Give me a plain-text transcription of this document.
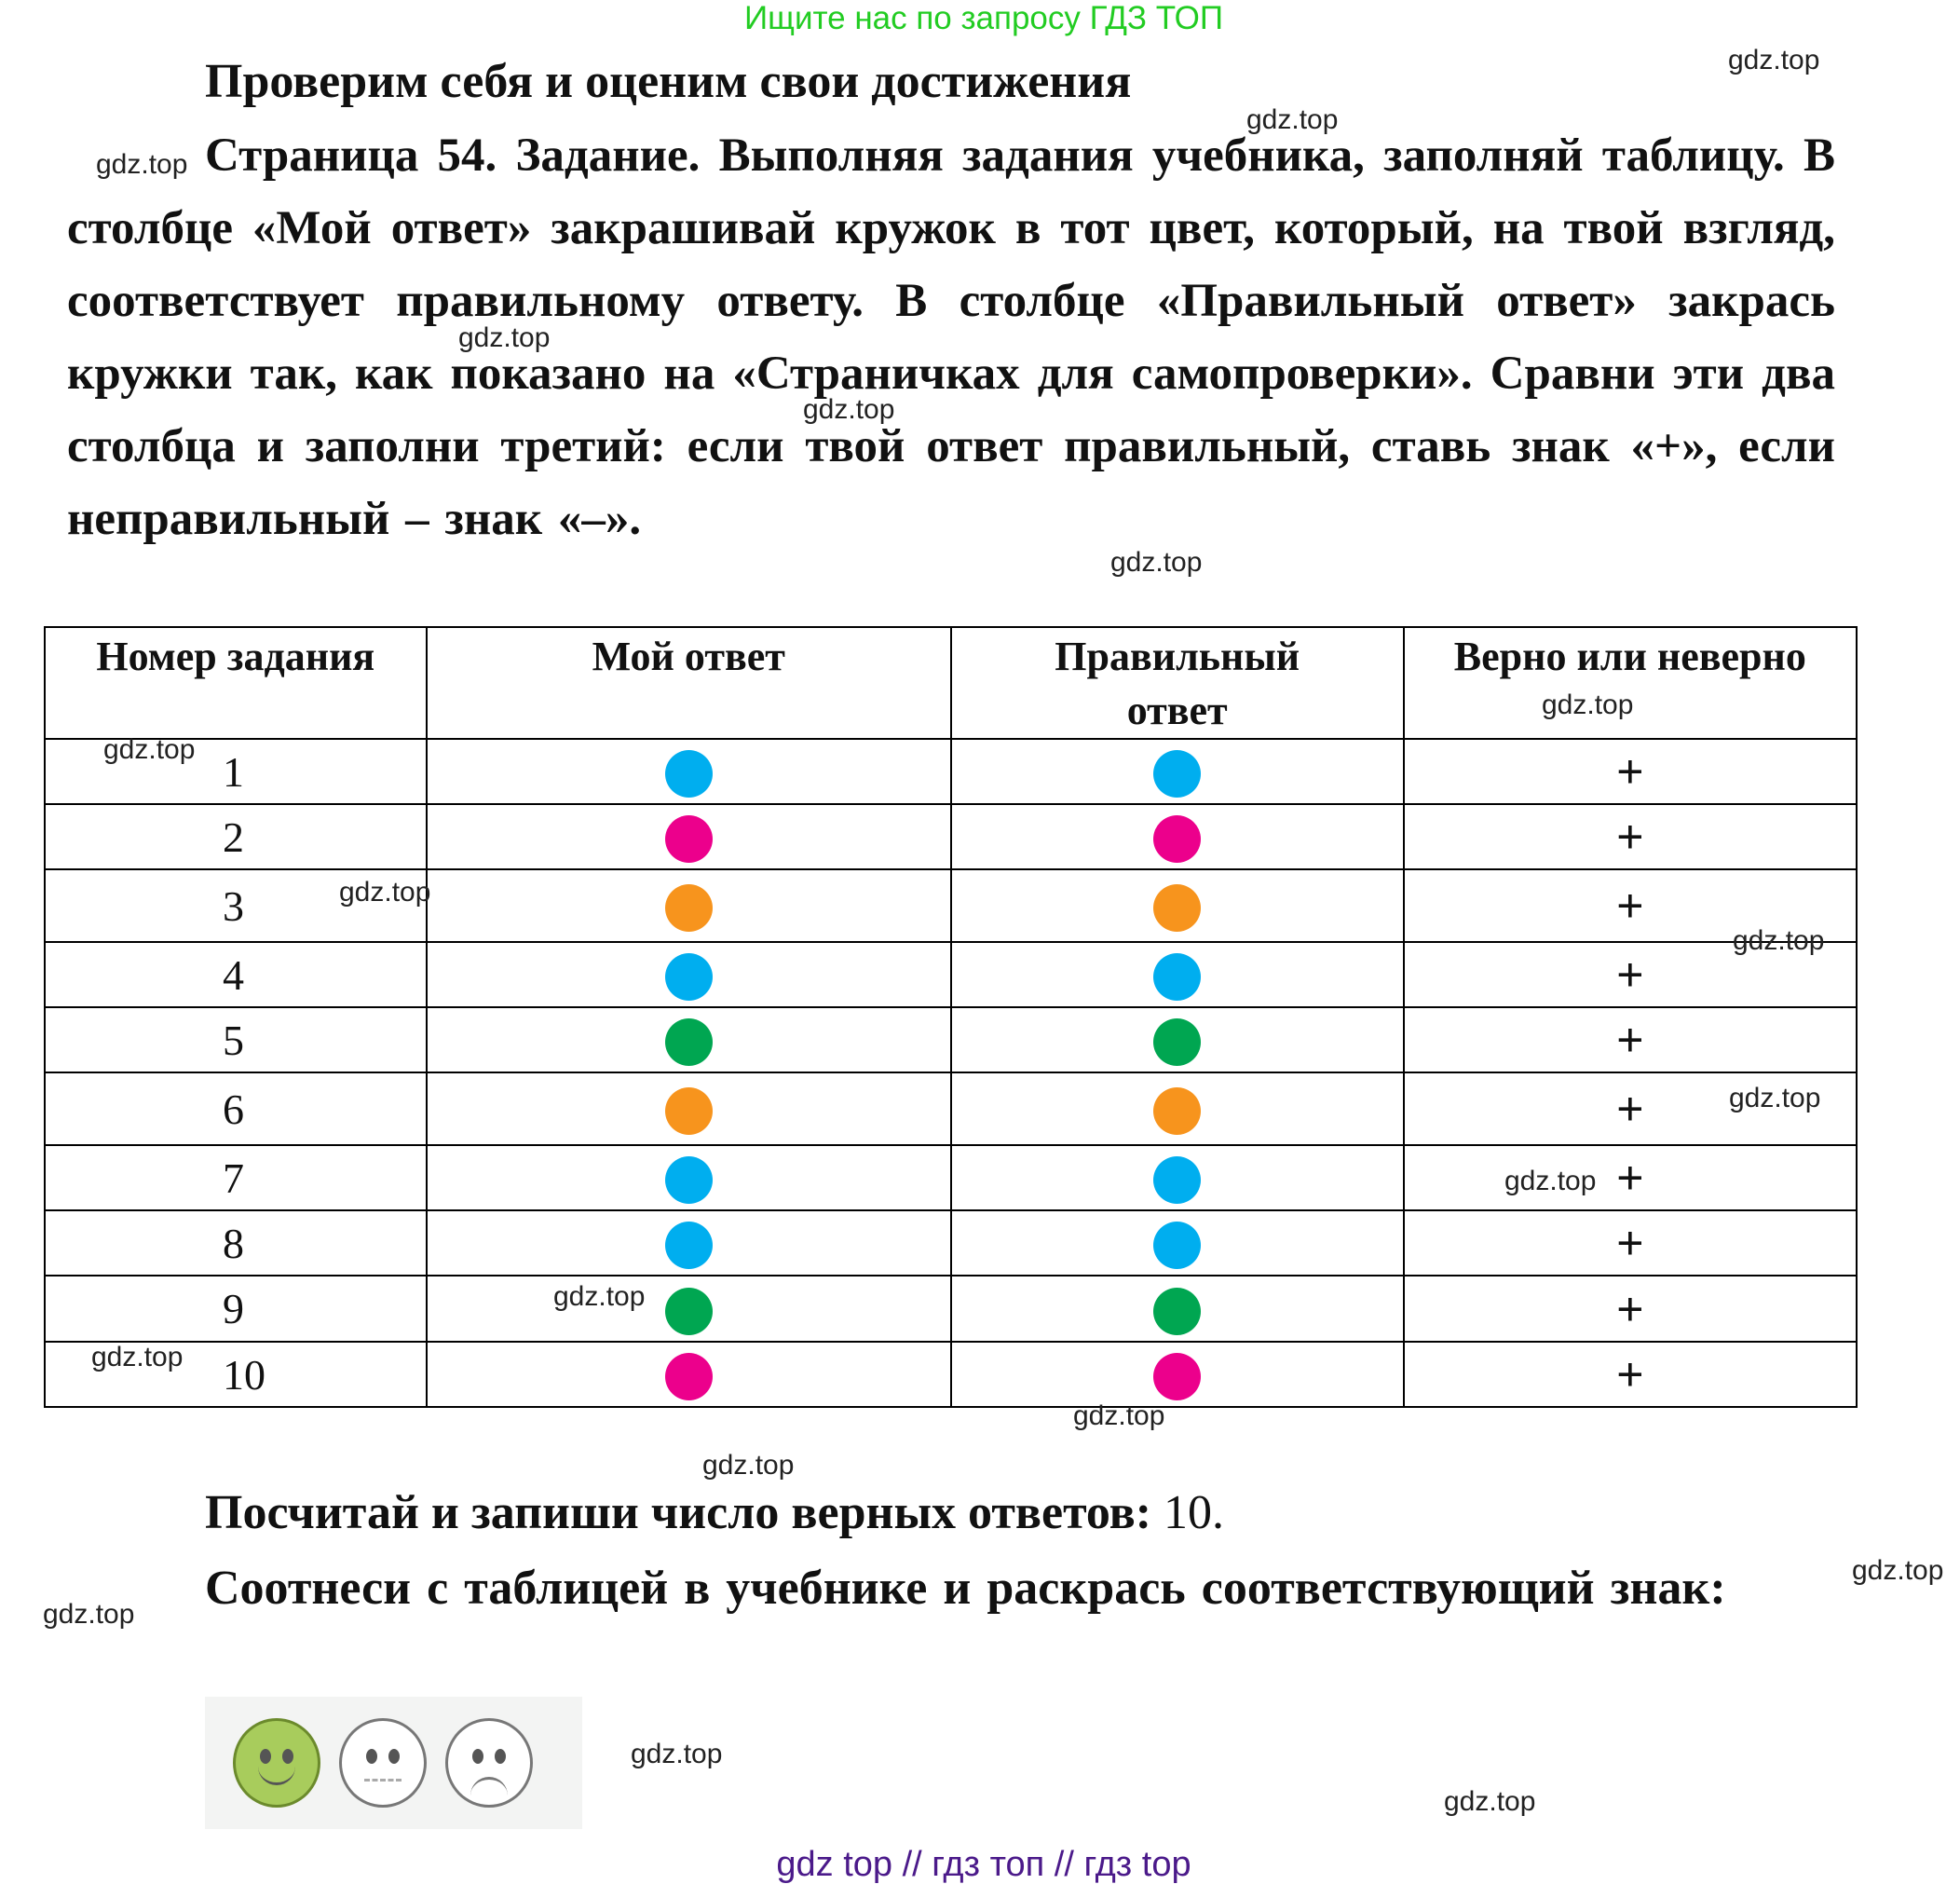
Ищите нас по запросу ГДЗ ТОП
Проверим себя и оценим свои достижения
Страница 54. Задание. Выполняя задания учебника, заполняй таблицу. В столбце «Мой ответ» закрашивай кружок в тот цвет, который, на твой взгляд, соответствует правильному ответу. В столбце «Правильный ответ» закрась кружки так, как показано на «Страничках для самопроверки». Сравни эти два столбца и заполни третий: если твой ответ правильный, ставь знак «+», если неправильный – знак «–».
Номер задания	Мой ответ	Правильный ответ	Верно или неверно
1			+
2			+
3			+
4			+
5			+
6			+
7			+
8			+
9			+
10			+
Посчитай и запиши число верных ответов: 10.
Соотнеси с таблицей в учебнике и раскрась соответствующий знак:
gdz.top
gdz.top
gdz.top
gdz.top
gdz.top
gdz.top
gdz.top
gdz.top
gdz.top
gdz.top
gdz.top
gdz.top
gdz.top
gdz.top
gdz.top
gdz.top
gdz.top
gdz.top
gdz.top
gdz.top
gdz top // гдз топ // гдз top
